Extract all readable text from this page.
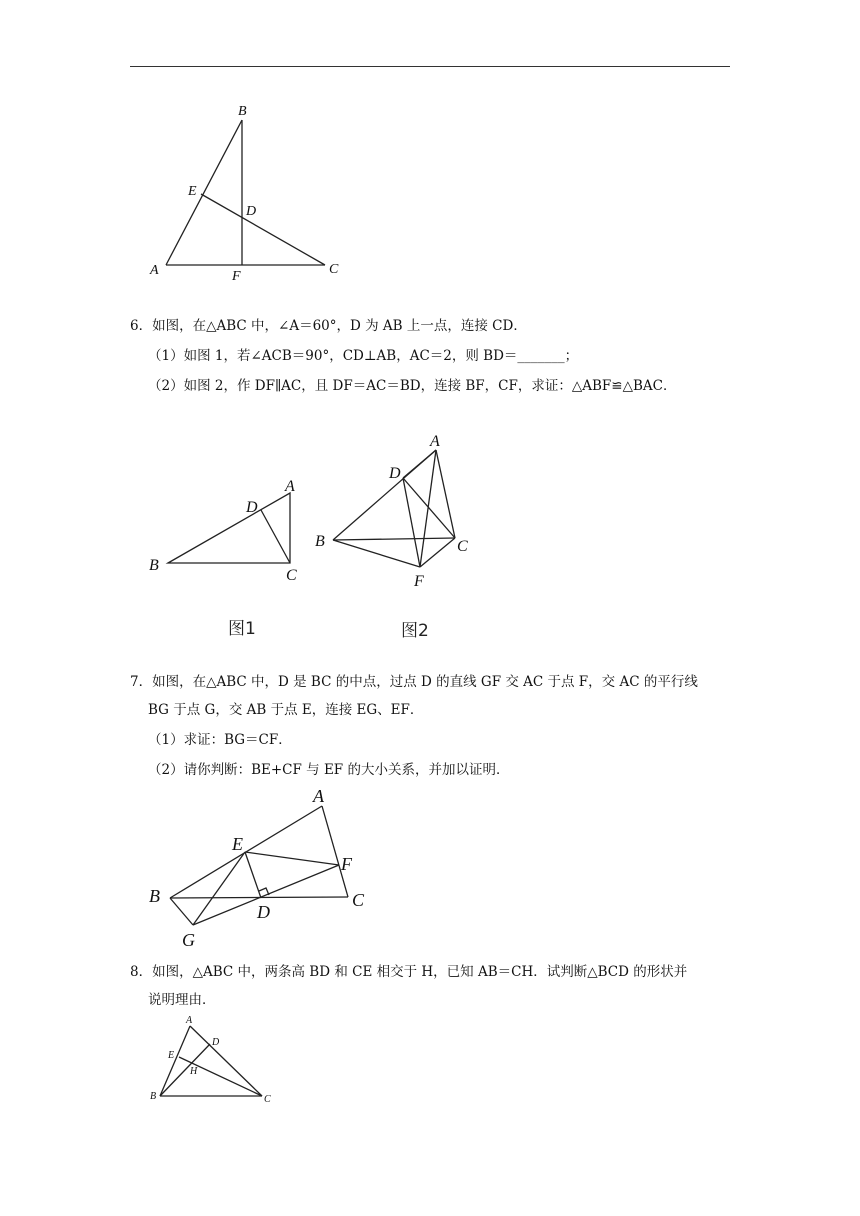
B
E
D
A	F	C
6．如图，在△ABC 中，∠A＝60°，D 为 AB 上一点，连接 CD．
（1）如图 1，若∠ACB＝90°，CD⊥AB，AC＝2，则 BD＝_______；
（2）如图 2，作 DF∥AC，且 DF＝AC＝BD，连接 BF，CF，求证：△ABF≌△BAC．
D
A
B
C
A
D
B	C
F
图1	图2
7．如图，在△ABC 中，D 是 BC 的中点，过点 D 的直线 GF 交 AC 于点 F，交 AC 的平行线
BG 于点 G，交 AB 于点 E，连接 EG、EF．
（1）求证：BG＝CF．
（2）请你判断：BE+CF 与 EF 的大小关系，并加以证明．
A
E
F
B
D
C
G
8．如图，△ABC 中，两条高 BD 和 CE 相交于 H，已知 AB＝CH．试判断△BCD 的形状并
说明理由．
A
D
E
H
B	C
